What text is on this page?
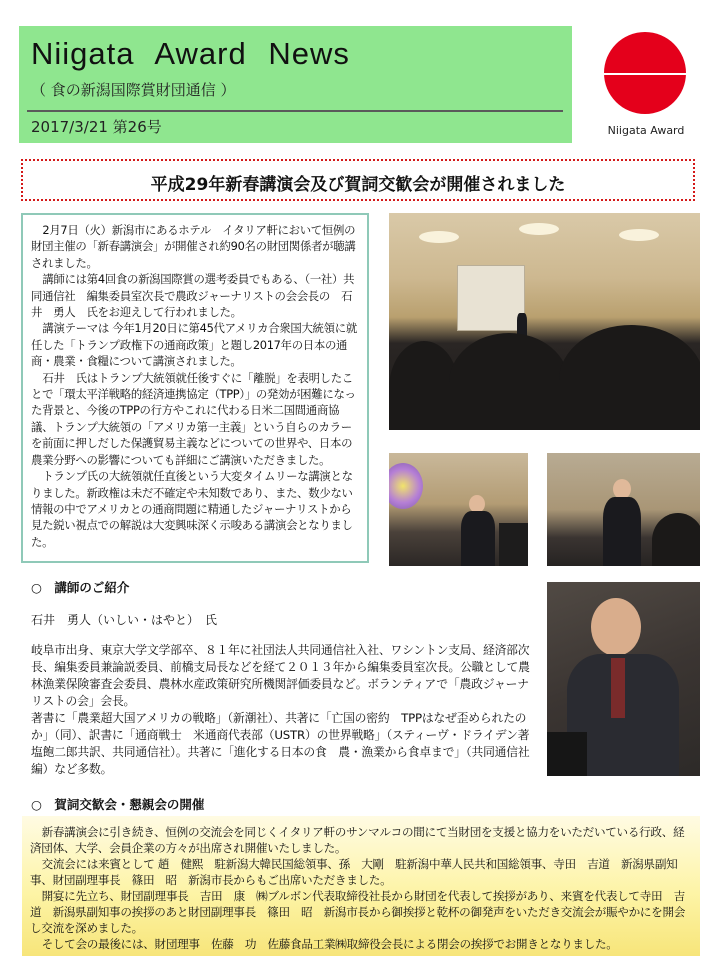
Niigata Award News
（ 食の新潟国際賞財団通信 ）
2017/3/21 第26号	Niigata Award
平成29年新春講演会及び賀詞交歓会が開催されました

2月7日（火）新潟市にあるホテル　イタリア軒において恒例の財団主催の「新春講演会」が開催され約90名の財団関係者が聴講されました。

講師には第4回食の新潟国際賞の選考委員でもある、（一社）共同通信社　編集委員室次長で農政ジャーナリストの会会長の　石井　勇人　氏をお迎えして行われました。

講演テーマは 今年1月20日に第45代アメリカ合衆国大統領に就任した「トランプ政権下の通商政策」と題し2017年の日本の通商・農業・食糧について講演されました。

石井　氏はトランプ大統領就任後すぐに「離脱」を表明したことで「環太平洋戦略的経済連携協定（TPP）」の発効が困難になった背景と、今後のTPPの行方やこれに代わる日米二国間通商協議、トランプ大統領の「アメリカ第一主義」という自らのカラーを前面に押しだした保護貿易主義などについての世界や、日本の農業分野への影響についても詳細にご講演いただきました。

トランプ氏の大統領就任直後という大変タイムリーな講演となりました。新政権は未だ不確定や未知数であり、また、数少ない情報の中でアメリカとの通商問題に精通したジャーナリストから見た鋭い視点での解説は大変興味深く示唆ある講演会となりました。

○　講師のご紹介
石井　勇人（いしい・はやと）　氏

岐阜市出身、東京大学文学部卒、８１年に社団法人共同通信社入社、ワシントン支局、経済部次長、編集委員兼論説委員、前橋支局長などを経て２０１３年から編集委員室次長。公職として農林漁業保険審査会委員、農林水産政策研究所機関評価委員など。ボランティアで「農政ジャーナリストの会」会長。

著書に「農業超大国アメリカの戦略」（新潮社）、共著に「亡国の密約　TPPはなぜ歪められたのか」（同）、訳書に「通商戦士　米通商代表部（USTR）の世界戦略」（スティーヴ・ドライデン著　塩飽二郎共訳、共同通信社）。共著に「進化する日本の食　農・漁業から食卓まで」（共同通信社編）など多数。

○　賀詞交歓会・懇親会の開催

新春講演会に引き続き、恒例の交流会を同じくイタリア軒のサンマルコの間にて当財団を支援と協力をいただいている行政、経済団体、大学、会員企業の方々が出席され開催いたしました。

交流会には来賓として 趙　健熙　駐新潟大韓民国総領事、孫　大剛　駐新潟中華人民共和国総領事、寺田　吉道　新潟県副知事、財団副理事長　篠田　昭　新潟市長からもご出席いただきました。

開宴に先立ち、財団副理事長　吉田　康　㈱ブルボン代表取締役社長から財団を代表して挨拶があり、来賓を代表して寺田　吉道　新潟県副知事の挨拶のあと財団副理事長　篠田　昭　新潟市長から御挨拶と乾杯の御発声をいただき交流会が賑やかにを開会し交流を深めました。

そして会の最後には、財団理事　佐藤　功　佐藤食品工業㈱取締役会長による閉会の挨拶でお開きとなりました。
